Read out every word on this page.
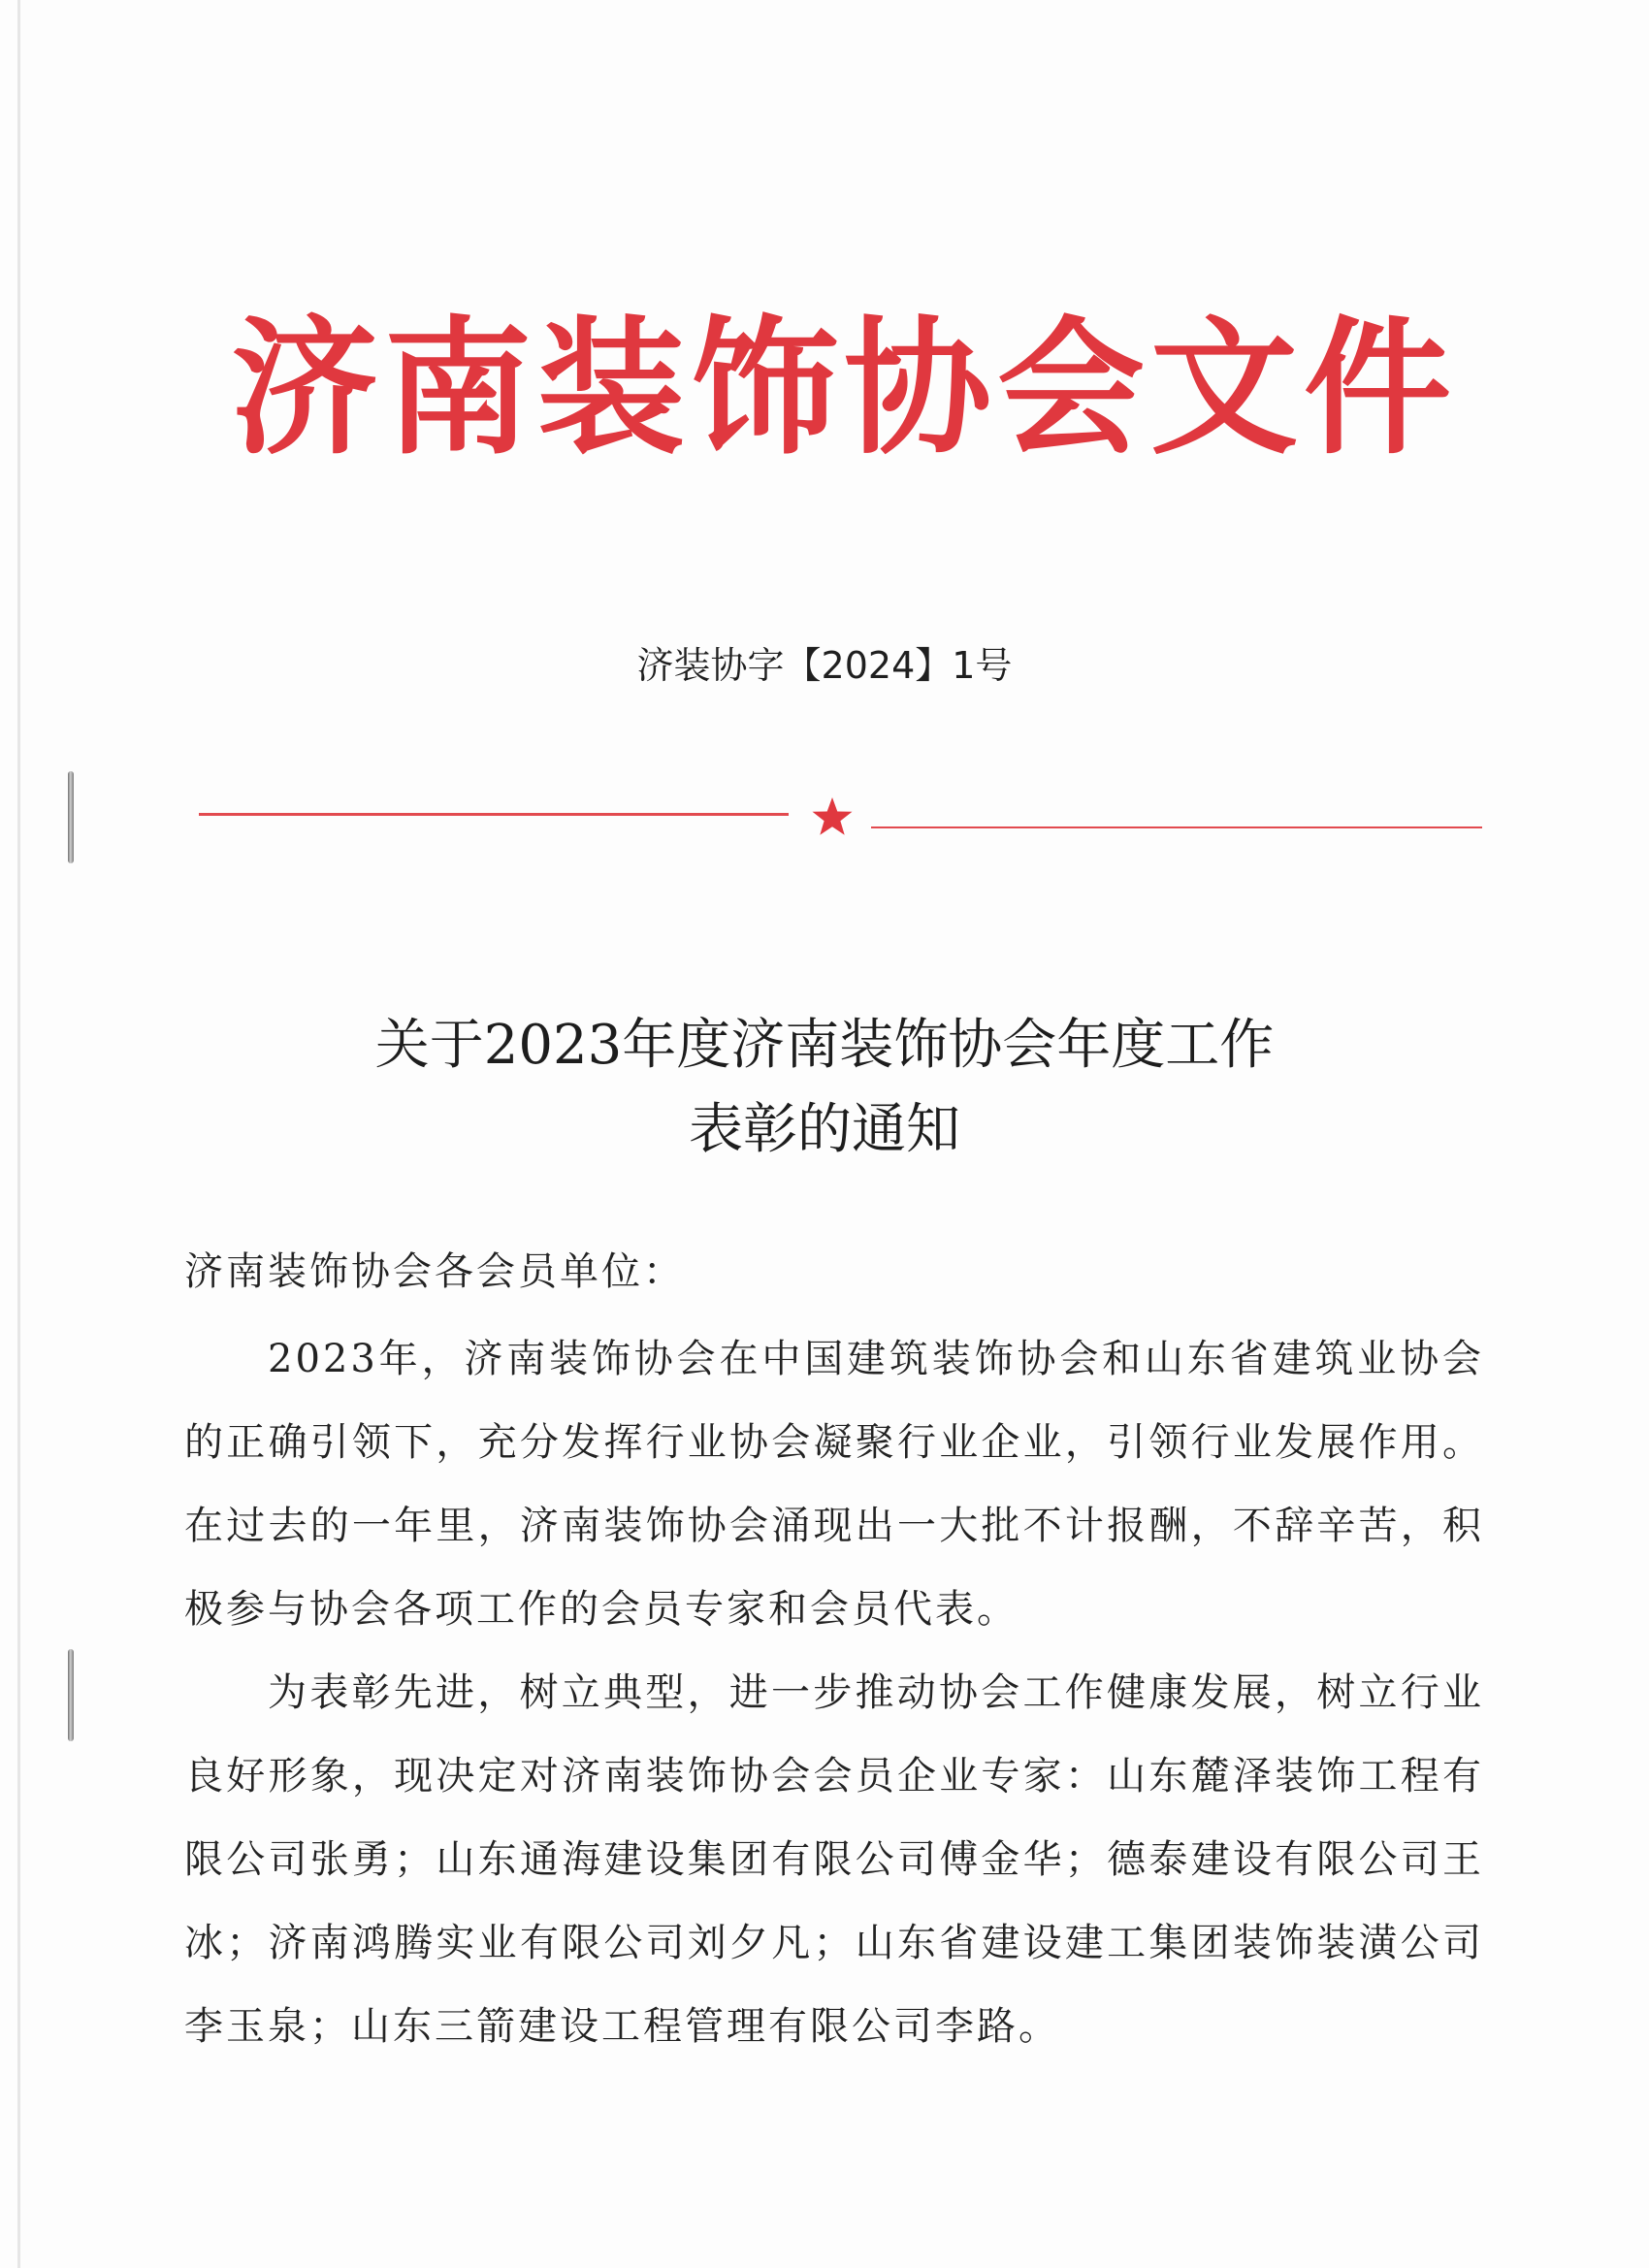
济南装饰协会文件
济装协字【2024】1号
关于2023年度济南装饰协会年度工作
表彰的通知
济南装饰协会各会员单位：
2023年，济南装饰协会在中国建筑装饰协会和山东省建筑业协会的正确引领下，充分发挥行业协会凝聚行业企业，引领行业发展作用。在过去的一年里，济南装饰协会涌现出一大批不计报酬，不辞辛苦，积极参与协会各项工作的会员专家和会员代表。
为表彰先进，树立典型，进一步推动协会工作健康发展，树立行业良好形象，现决定对济南装饰协会会员企业专家：山东麓泽装饰工程有限公司张勇；山东通海建设集团有限公司傅金华；德泰建设有限公司王冰；济南鸿腾实业有限公司刘夕凡；山东省建设建工集团装饰装潢公司李玉泉；山东三箭建设工程管理有限公司李路。
